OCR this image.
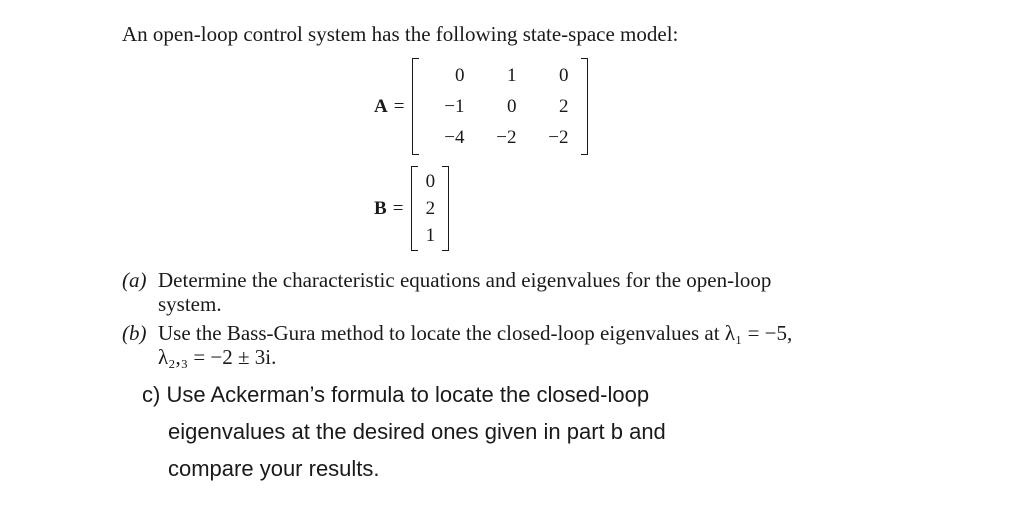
An open-loop control system has the following state-space model:
A =
0	1	0
−1	0	2
−4	−2	−2
B =
0
2
1
(a) Determine the characteristic equations and eigenvalues for the open-loop
system.
(b) Use the Bass-Gura method to locate the closed-loop eigenvalues at λ₁ = −5,
λ₂,₃ = −2 ± 3i.
c) Use Ackerman’s formula to locate the closed-loop
eigenvalues at the desired ones given in part b and
compare your results.
